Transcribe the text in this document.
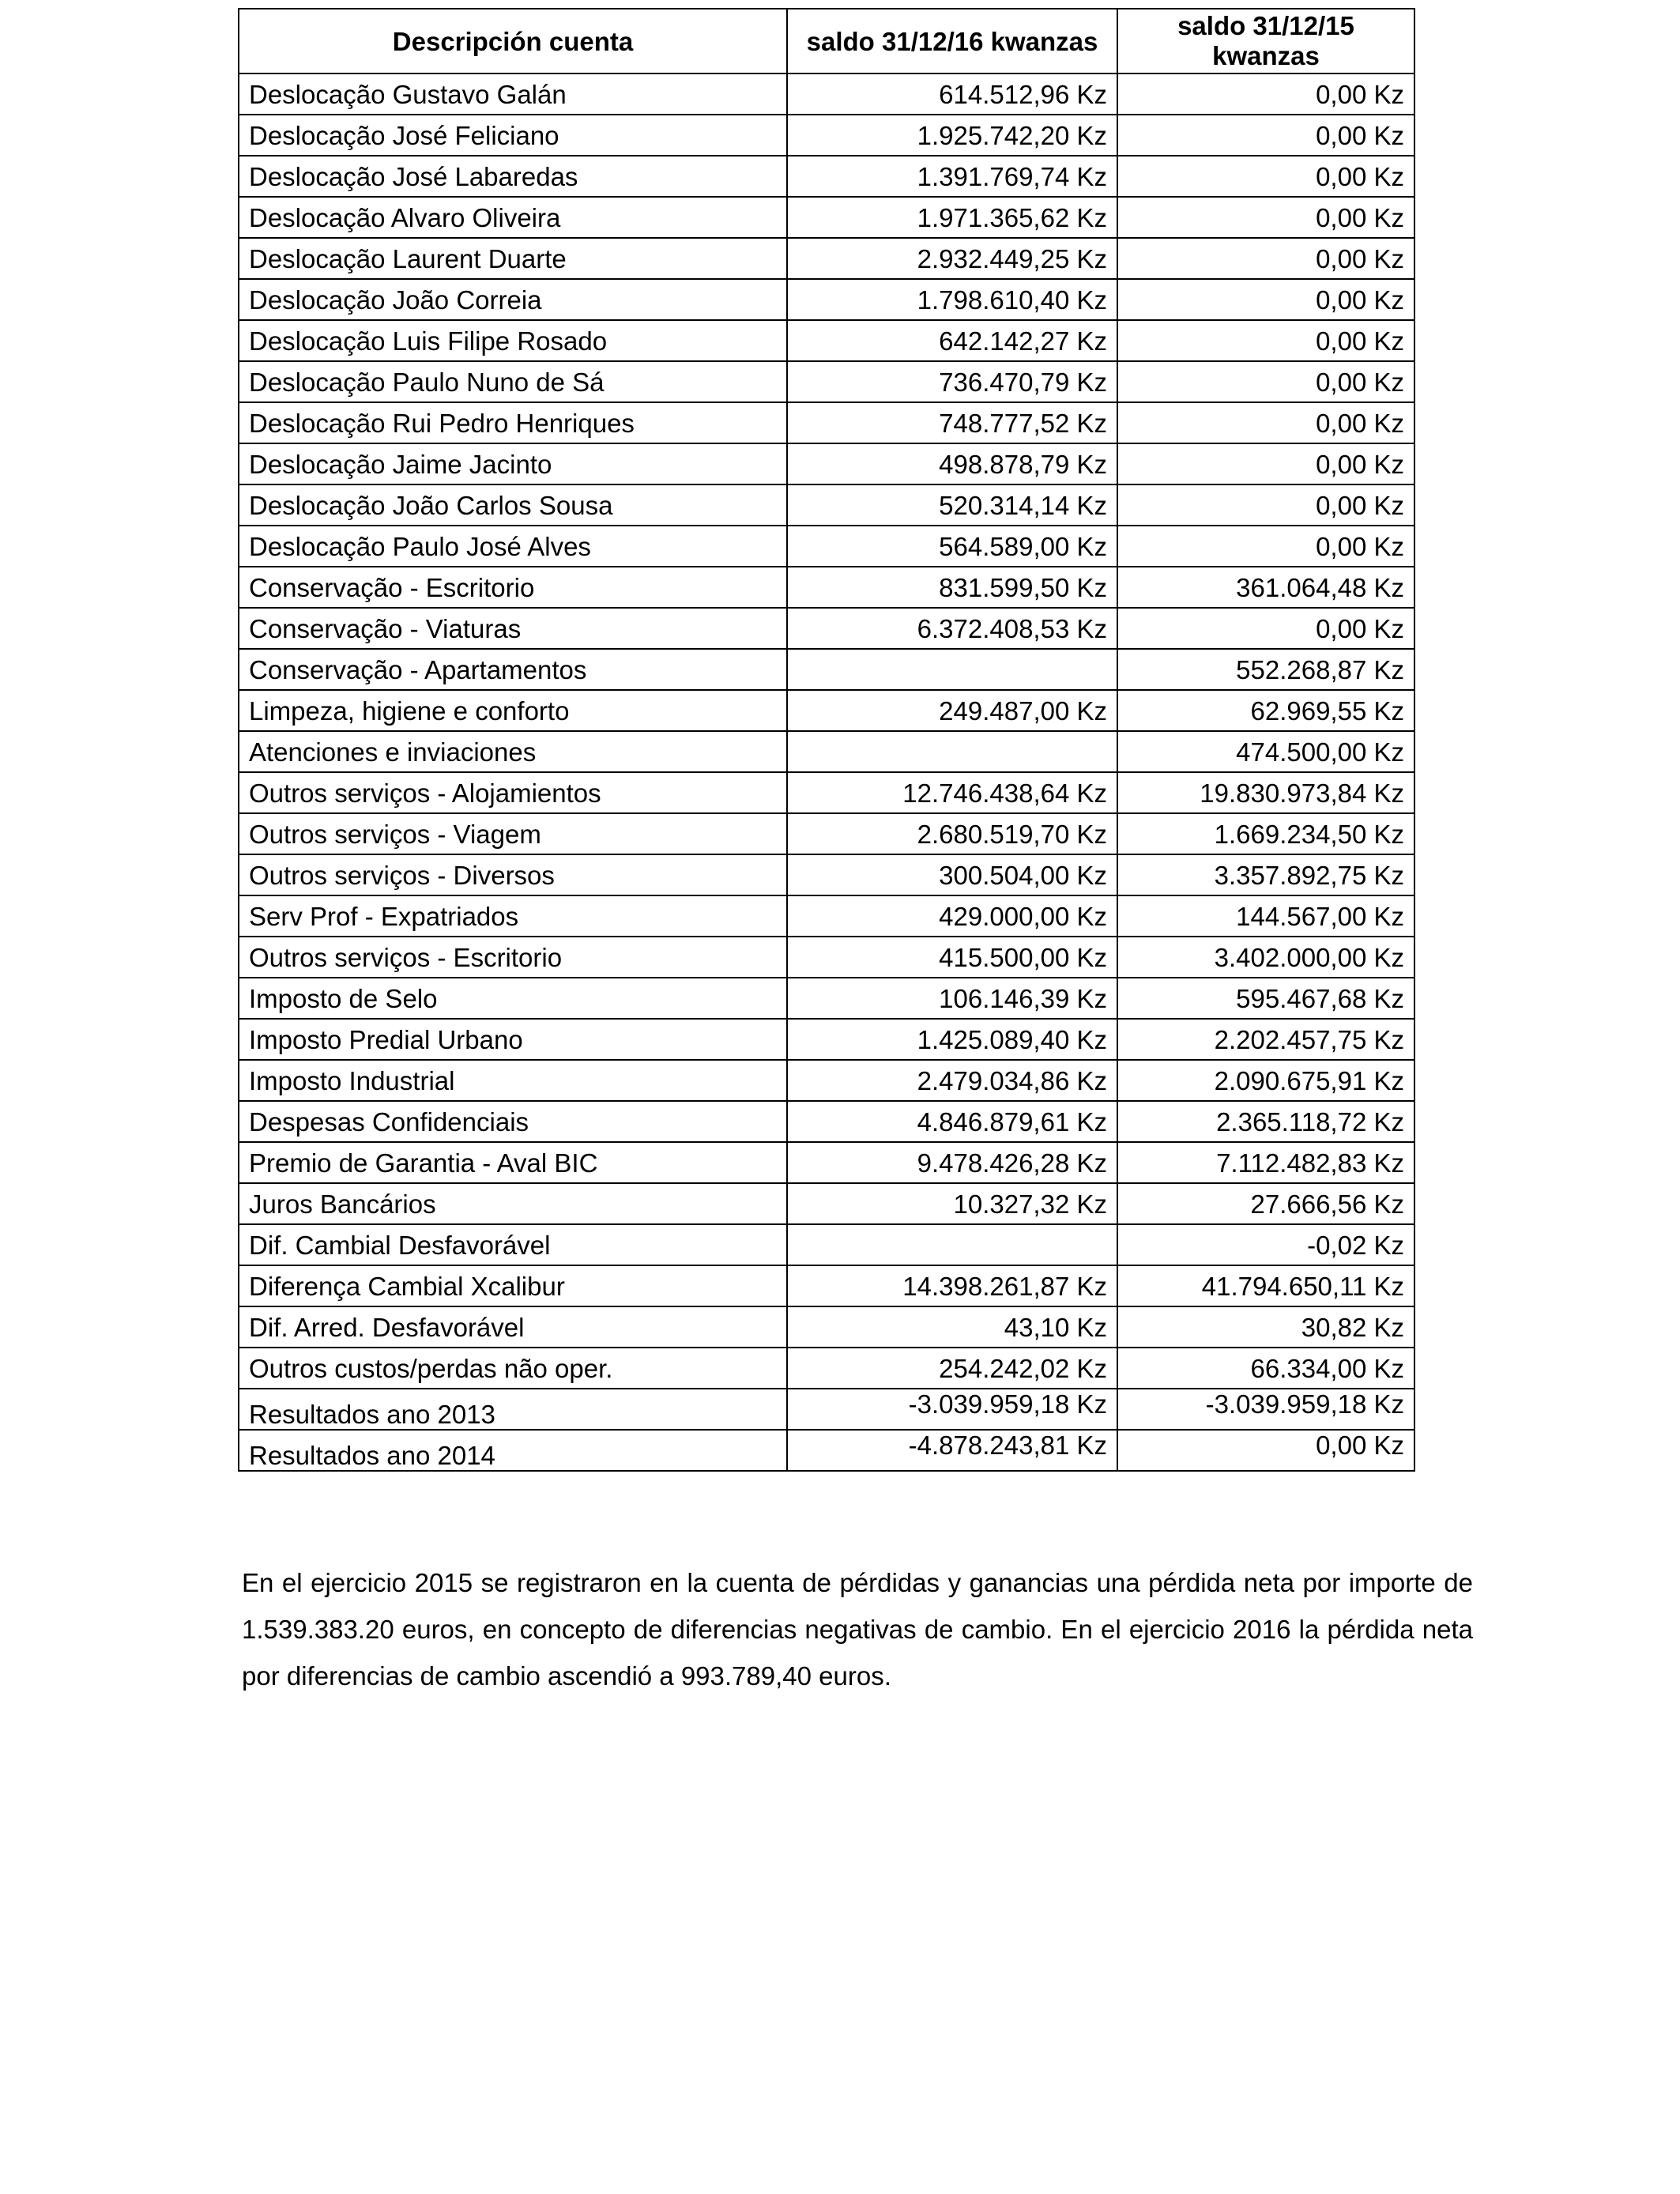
Descripción cuenta	saldo 31/12/16 kwanzas	saldo 31/12/15 kwanzas
Deslocação Gustavo Galán	614.512,96 Kz	0,00 Kz
Deslocação José Feliciano	1.925.742,20 Kz	0,00 Kz
Deslocação José Labaredas	1.391.769,74 Kz	0,00 Kz
Deslocação Alvaro Oliveira	1.971.365,62 Kz	0,00 Kz
Deslocação Laurent Duarte	2.932.449,25 Kz	0,00 Kz
Deslocação João Correia	1.798.610,40 Kz	0,00 Kz
Deslocação Luis Filipe Rosado	642.142,27 Kz	0,00 Kz
Deslocação Paulo Nuno de Sá	736.470,79 Kz	0,00 Kz
Deslocação Rui Pedro Henriques	748.777,52 Kz	0,00 Kz
Deslocação Jaime Jacinto	498.878,79 Kz	0,00 Kz
Deslocação João Carlos Sousa	520.314,14 Kz	0,00 Kz
Deslocação Paulo José Alves	564.589,00 Kz	0,00 Kz
Conservação - Escritorio	831.599,50 Kz	361.064,48 Kz
Conservação - Viaturas	6.372.408,53 Kz	0,00 Kz
Conservação - Apartamentos		552.268,87 Kz
Limpeza, higiene e conforto	249.487,00 Kz	62.969,55 Kz
Atenciones e inviaciones		474.500,00 Kz
Outros serviços - Alojamientos	12.746.438,64 Kz	19.830.973,84 Kz
Outros serviços - Viagem	2.680.519,70 Kz	1.669.234,50 Kz
Outros serviços - Diversos	300.504,00 Kz	3.357.892,75 Kz
Serv Prof - Expatriados	429.000,00 Kz	144.567,00 Kz
Outros serviços - Escritorio	415.500,00 Kz	3.402.000,00 Kz
Imposto de Selo	106.146,39 Kz	595.467,68 Kz
Imposto Predial Urbano	1.425.089,40 Kz	2.202.457,75 Kz
Imposto Industrial	2.479.034,86 Kz	2.090.675,91 Kz
Despesas Confidenciais	4.846.879,61 Kz	2.365.118,72 Kz
Premio de Garantia - Aval BIC	9.478.426,28 Kz	7.112.482,83 Kz
Juros Bancários	10.327,32 Kz	27.666,56 Kz
Dif. Cambial Desfavorável		-0,02 Kz
Diferença Cambial Xcalibur	14.398.261,87 Kz	41.794.650,11 Kz
Dif. Arred. Desfavorável	43,10 Kz	30,82 Kz
Outros custos/perdas não oper.	254.242,02 Kz	66.334,00 Kz
Resultados ano 2013	-3.039.959,18 Kz	-3.039.959,18 Kz
Resultados ano 2014	-4.878.243,81 Kz	0,00 Kz

En el ejercicio 2015 se registraron en la cuenta de pérdidas y ganancias una pérdida neta por importe de 1.539.383.20 euros, en concepto de diferencias negativas de cambio. En el ejercicio 2016 la pérdida neta por diferencias de cambio ascendió a 993.789,40 euros.
